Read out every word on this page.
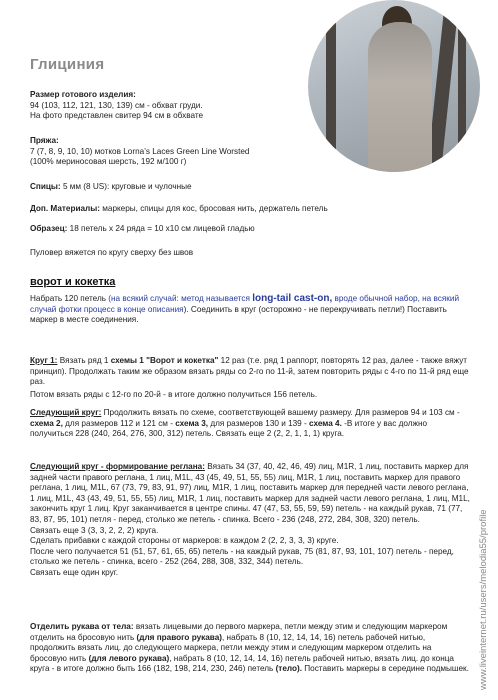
Глициния
Размер готового изделия:
94 (103, 112, 121, 130, 139) см - обхват груди.
На фото представлен свитер 94 см в обхвате
Пряжа:
7 (7, 8, 9, 10, 10) мотков Lorna’s Laces Green Line Worsted
(100% мериносовая шерсть, 192 м/100 г)
Спицы: 5 мм (8 US): круговые и чулочные
Доп. Материалы: маркеры, спицы для кос, бросовая нить, держатель петель
Образец: 18 петель x 24 ряда = 10 x10 см лицевой гладью
Пуловер вяжется по кругу сверху без швов
ворот и кокетка
Набрать 120 петель (на всякий случай: метод называется long-tail cast-on, вроде обычной набор, на всякий случай фотки процесс в конце описания). Соединить в круг (осторожно - не перекручивать петли!) Поставить маркер в месте соединения.
Круг 1: Вязать ряд 1 схемы 1 "Ворот и кокетка" 12 раз (т.е. ряд 1 раппорт, повторять 12 раз, далее - также вяжут принцип). Продолжать таким же образом вязать ряды со 2-го по 11-й, затем повторить ряды с 4-го по 11-й ряд еще раз.
Потом вязать ряды с 12-го по 20-й - в итоге должно получиться 156 петель.
Следующий круг: Продолжить вязать по схеме, соответствующей вашему размеру. Для размеров 94 и 103 см - схема 2, для размеров 112 и 121 см - схема 3, для размеров 130 и 139 - схема 4. -В итоге у вас должно получиться 228 (240, 264, 276, 300, 312) петель. Связать еще 2 (2, 2, 1, 1, 1) круга.
Следующий круг - формирование реглана: Вязать 34 (37, 40, 42, 46, 49) лиц, M1R, 1 лиц, поставить маркер для задней части правого реглана, 1 лиц, M1L, 43 (45, 49, 51, 55, 55) лиц, M1R, 1 лиц, поставить маркер для правого реглана, 1 лиц, M1L, 67 (73, 79, 83, 91, 97) лиц, M1R, 1 лиц, поставить маркер для передней части левого реглана, 1 лиц, M1L, 43 (43, 49, 51, 55, 55) лиц, M1R, 1 лиц, поставить маркер для задней части левого реглана, 1 лиц, M1L, закончить круг 1 лиц. Круг заканчивается в центре спины. 47 (47, 53, 55, 59, 59) петель - на каждый рукав, 71 (77, 83, 87, 95, 101) петля - перед, столько же петель - спинка. Всего - 236 (248, 272, 284, 308, 320) петель.
Связать еще 3 (3, 3, 2, 2, 2) круга.
Сделать прибавки с каждой стороны от маркеров: в каждом 2 (2, 2, 3, 3, 3) круге.
После чего получается 51 (51, 57, 61, 65, 65) петель - на каждый рукав, 75 (81, 87, 93, 101, 107) петель - перед, столько же петель - спинка, всего - 252 (264, 288, 308, 332, 344) петель.
Связать еще один круг.
Отделить рукава от тела: вязать лицевыми до первого маркера, петли между этим и следующим маркером отделить на бросовую нить (для правого рукава), набрать 8 (10, 12, 14, 14, 16) петель рабочей нитью, продолжить вязать лиц. до следующего маркера, петли между этим и следующим маркером отделить на бросовую нить (для левого рукава), набрать 8 (10, 12, 14, 14, 16) петель рабочей нитью, вязать лиц. до конца круга - в итоге должно быть 166 (182, 198, 214, 230, 246) петель (тело). Поставить маркеры в середине подмышек. www.liveinternet.ru/users/melodia55/profile
